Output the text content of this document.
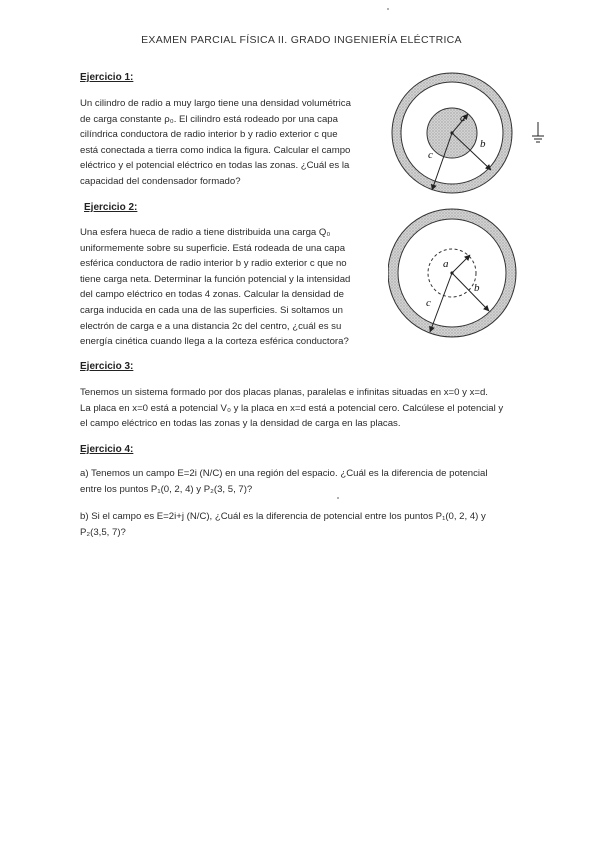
EXAMEN PARCIAL FÍSICA II. GRADO INGENIERÍA ELÉCTRICA
Ejercicio 1:
Un cilindro de radio a muy largo tiene una densidad volumétrica
de carga constante ρ₀. El cilindro está rodeado por una capa
cilíndrica conductora de radio interior b y radio exterior c que
está conectada a tierra como indica la figura. Calcular el campo
eléctrico y el potencial eléctrico en todas las zonas. ¿Cuál es la
capacidad del condensador formado?
a
b
c
Ejercicio 2:
Una esfera hueca de radio a tiene distribuida una carga Q₀
uniformemente sobre su superficie. Está rodeada de una capa
esférica conductora de radio interior b y radio exterior c que no
tiene carga neta. Determinar la función potencial y la intensidad
del campo eléctrico en todas 4 zonas. Calcular la densidad de
carga inducida en cada una de las superficies. Si soltamos un
electrón de carga e a una distancia 2c del centro, ¿cuál es su
energía cinética cuando llega a la corteza esférica conductora?
a
b
c
Ejercicio 3:
Tenemos un sistema formado por dos placas planas, paralelas e infinitas situadas en x=0 y x=d.
La placa en x=0 está a potencial V₀ y la placa en x=d está a potencial cero. Calcúlese el potencial y
el campo eléctrico en todas las zonas y la densidad de carga en las placas.
Ejercicio 4:
a) Tenemos un campo E=2i (N/C) en una región del espacio. ¿Cuál es la diferencia de potencial
entre los puntos P₁(0, 2, 4) y P₂(3, 5, 7)?
b) Si el campo es E=2i+j (N/C), ¿Cuál es la diferencia de potencial entre los puntos P₁(0, 2, 4) y
P₂(3,5, 7)?
